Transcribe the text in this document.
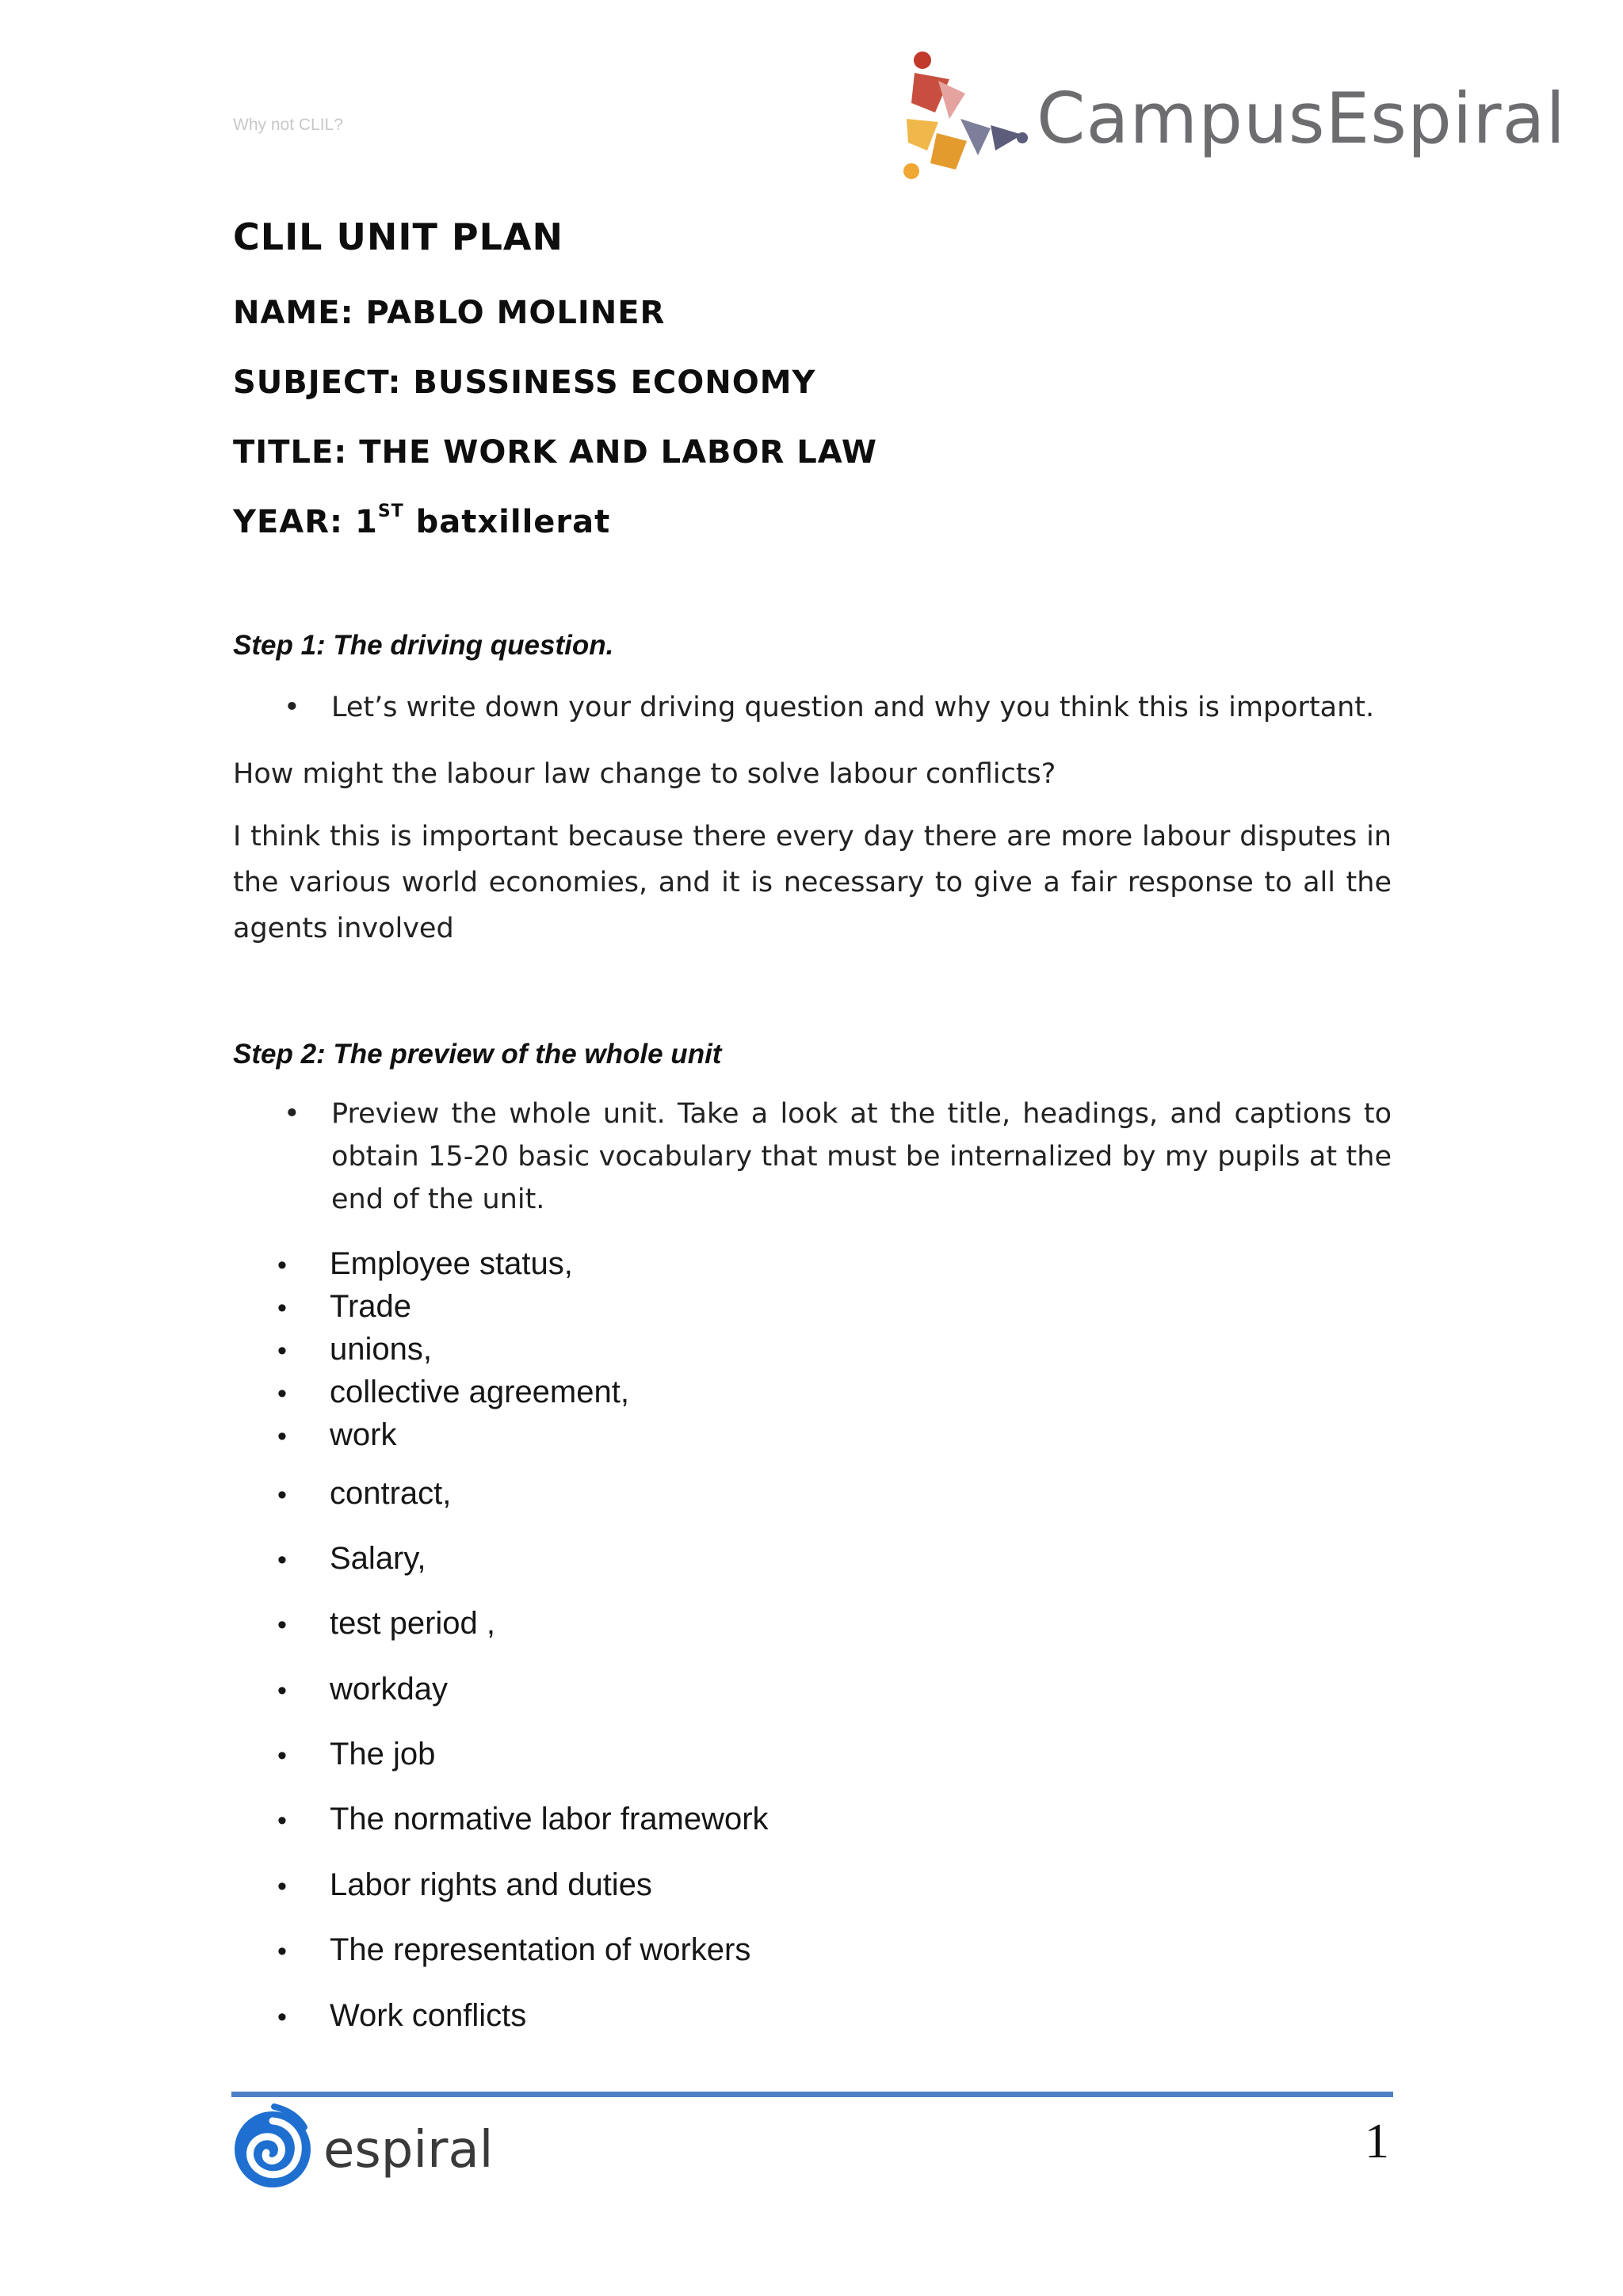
Why not CLIL?	CampusEspiral
CLIL UNIT PLAN
NAME: PABLO MOLINER
SUBJECT: BUSSINESS ECONOMY
TITLE: THE WORK AND LABOR LAW
YEAR: 1ST batxillerat
Step 1: The driving question.
• Let’s write down your driving question and why you think this is important.
How might the labour law change to solve labour conflicts?
I think this is important because there every day there are more labour disputes in the various world economies, and it is necessary to give a fair response to all the agents involved
Step 2: The preview of the whole unit
• Preview the whole unit. Take a look at the title, headings, and captions to obtain 15-20 basic vocabulary that must be internalized by my pupils at the end of the unit.
• Employee status,
• Trade
• unions,
• collective agreement,
• work
• contract,
• Salary,
• test period ,
• workday
• The job
• The normative labor framework
• Labor rights and duties
• The representation of workers
• Work conflicts
espiral	1
